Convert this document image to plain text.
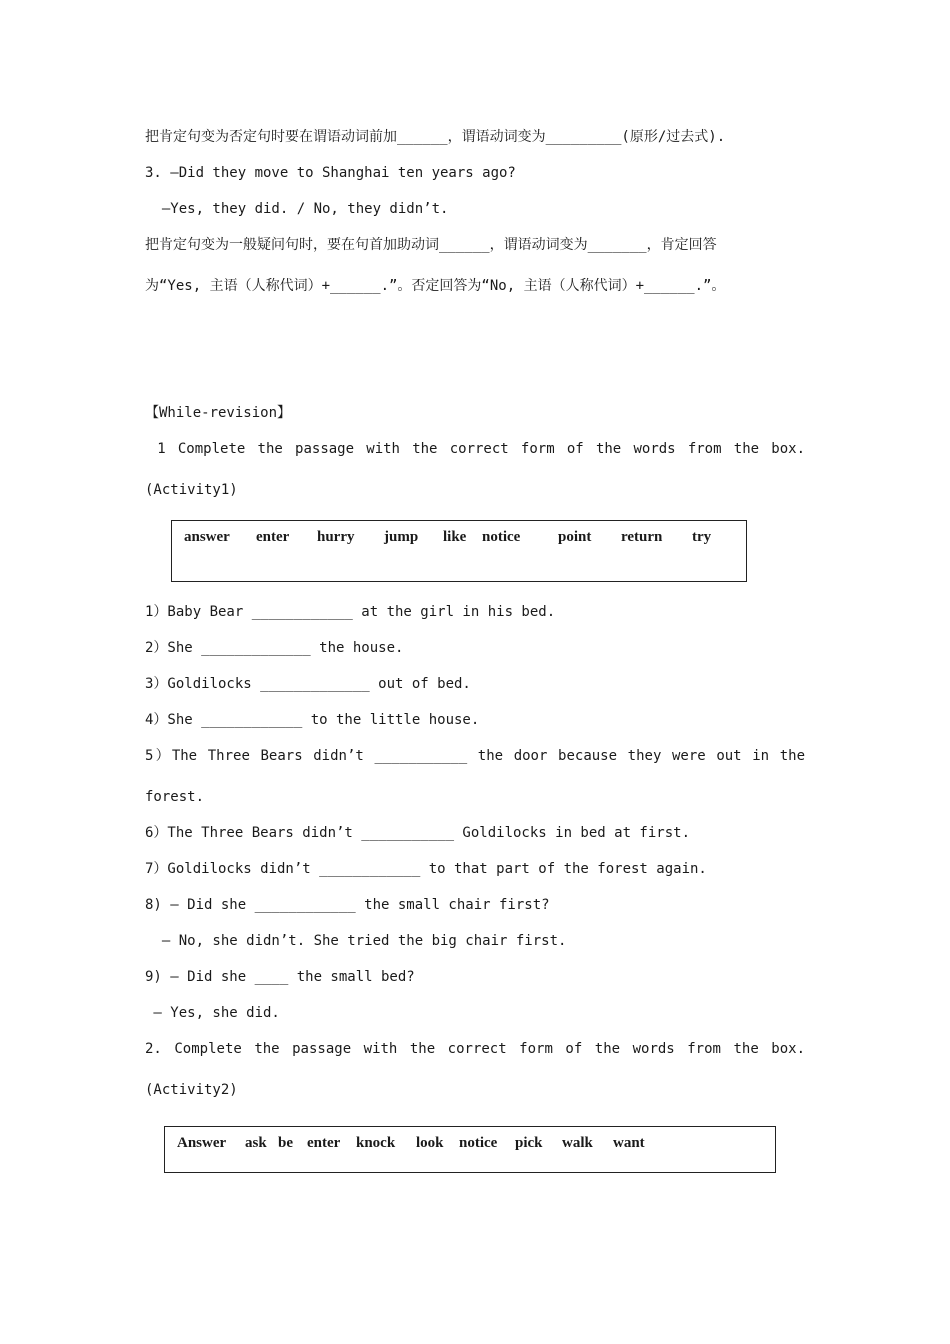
把肯定句变为否定句时要在谓语动词前加______，谓语动词变为_________(原形/过去式).
3. —Did they move to Shanghai ten years ago?
—Yes, they did. / No, they didn’t.
把肯定句变为一般疑问句时，要在句首加助动词______，谓语动词变为_______，肯定回答
为“Yes, 主语（人称代词）+______.”。否定回答为“No, 主语（人称代词）+______.”。
【While-revision】
1 Complete the passage with the correct form of the words from the box.
(Activity1)
answer enter hurry jump like notice	point return try
1）Baby Bear ____________ at the girl in his bed.
2）She _____________ the house.
3）Goldilocks _____________ out of bed.
4）She ____________ to the little house.
5）The Three Bears didn’t ___________ the door because they were out in the
forest.
6）The Three Bears didn’t ___________ Goldilocks in bed at first.
7）Goldilocks didn’t ____________ to that part of the forest again.
8) — Did she ____________ the small chair first?
— No, she didn’t. She tried the big chair first.
9) — Did she ____ the small bed?
— Yes, she did.
2. Complete the passage with the correct form of the words from the box.
(Activity2)
Answer ask be enter knock look notice pick walk want
